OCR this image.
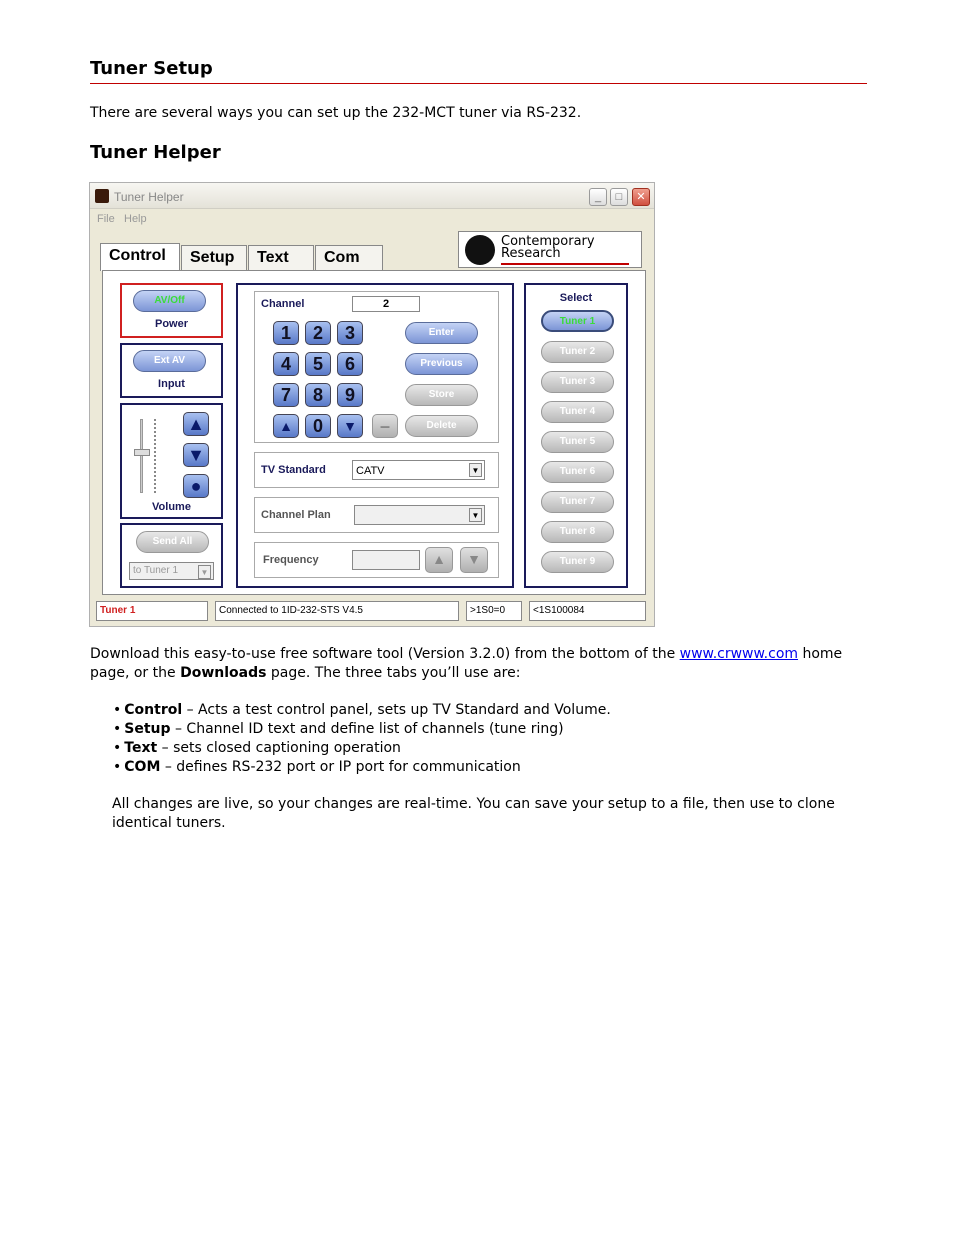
Tuner Setup
There are several ways you can set up the 232-MCT tuner via RS-232.
Tuner Helper
Tuner Helper	_	□	✕
File Help
Control	Setup	Text	Com
Contemporary
Research
AV/Off
Power
Ext AV
Input
▲
▼
●
Volume
Send All
to Tuner 1	▼
Channel	2
1	2	3
4	5	6
7	8	9
▲	0	▼	–
Enter
Previous
Store
Delete
TV Standard	CATV	▼
Channel Plan	▼
Frequency	▲	▼
Select
Tuner 1
Tuner 2
Tuner 3
Tuner 4
Tuner 5
Tuner 6
Tuner 7
Tuner 8
Tuner 9
Tuner 1	Connected to 1ID-232-STS V4.5	>1S0=0	<1S100084
Download this easy-to-use free software tool (Version 3.2.0) from the bottom of the www.crwww.com home page, or the Downloads page. The three tabs you’ll use are:
• Control – Acts a test control panel, sets up TV Standard and Volume.
• Setup – Channel ID text and define list of channels (tune ring)
• Text – sets closed captioning operation
• COM – defines RS-232 port or IP port for communication
All changes are live, so your changes are real-time. You can save your setup to a file, then use to clone identical tuners.
